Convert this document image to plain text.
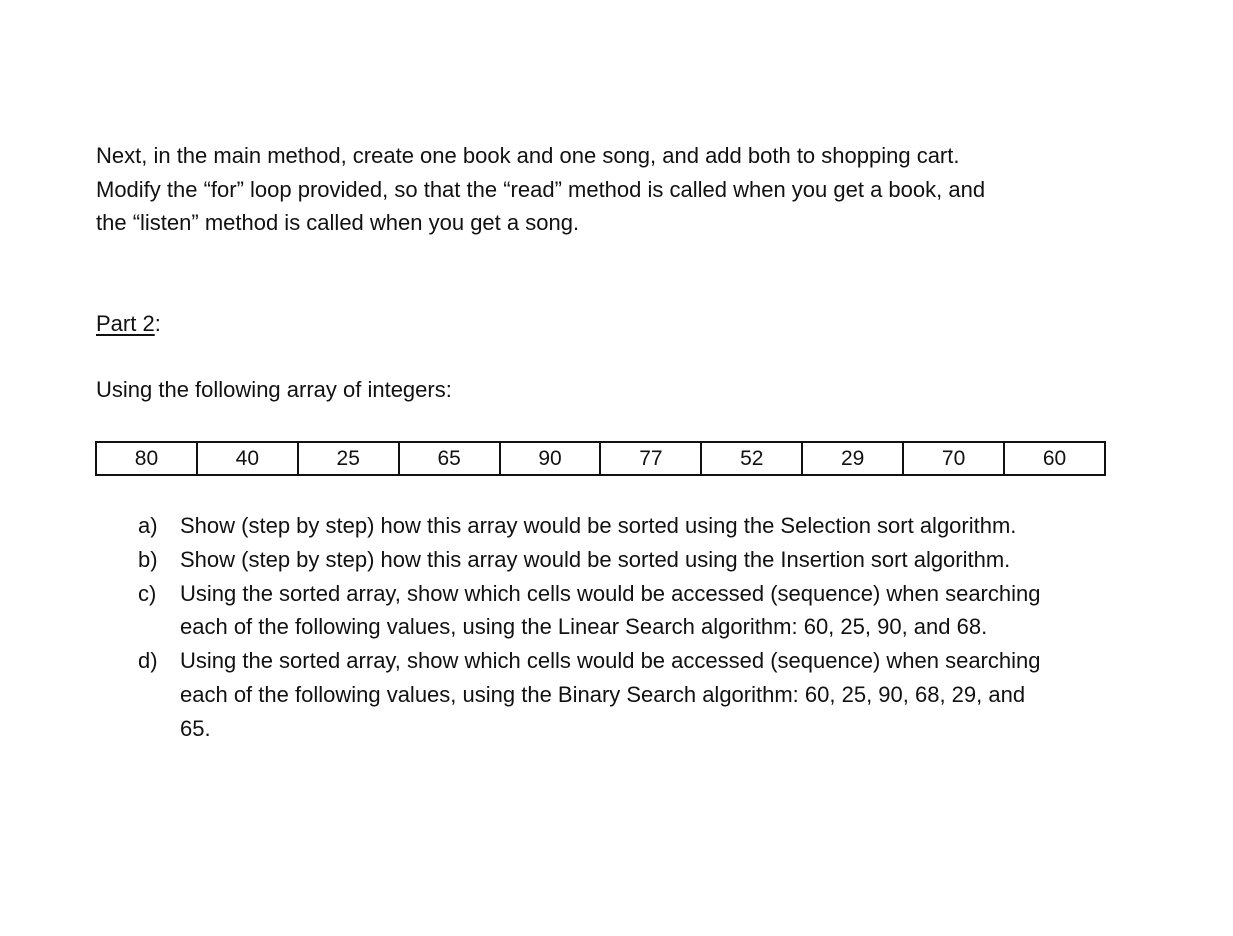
Next, in the main method, create one book and one song, and add both to shopping cart.
Modify the “for” loop provided, so that the “read” method is called when you get a book, and
the “listen” method is called when you get a song.

Part 2:

Using the following array of integers:

80	40	25	65	90	77	52	29	70	60
a) Show (step by step) how this array would be sorted using the Selection sort algorithm.
b) Show (step by step) how this array would be sorted using the Insertion sort algorithm.
c) Using the sorted array, show which cells would be accessed (sequence) when searching
each of the following values, using the Linear Search algorithm: 60, 25, 90, and 68.
d) Using the sorted array, show which cells would be accessed (sequence) when searching
each of the following values, using the Binary Search algorithm: 60, 25, 90, 68, 29, and
65.
